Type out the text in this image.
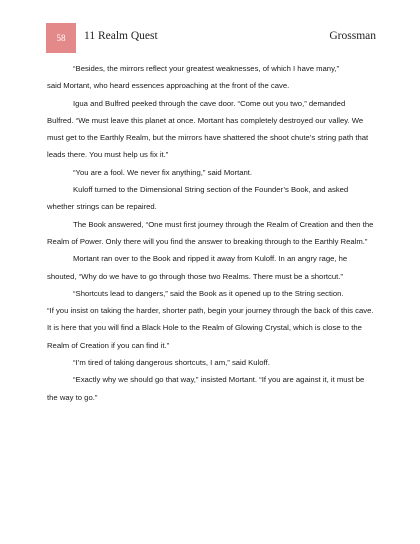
58 11 Realm Quest	Grossman

“Besides, the mirrors reflect your greatest weaknesses, of which I have many,”

said Mortant, who heard essences approaching at the front of the cave.

Igua and Bulfred peeked through the cave door. “Come out you two,” demanded

Bulfred. “We must leave this planet at once. Mortant has completely destroyed our valley. We must get to the Earthly Realm, but the mirrors have shattered the shoot chute’s string path that leads there. You must help us fix it.”

“You are a fool. We never fix anything,” said Mortant.

Kuloff turned to the Dimensional String section of the Founder’s Book, and asked

whether strings can be repaired.

The Book answered, “One must first journey through the Realm of Creation and then the Realm of Power. Only there will you find the answer to breaking through to the Earthly Realm.”

Mortant ran over to the Book and ripped it away from Kuloff. In an angry rage, he shouted, “Why do we have to go through those two Realms. There must be a shortcut.”

“Shortcuts lead to dangers,” said the Book as it opened up to the String section.

“If you insist on taking the harder, shorter path, begin your journey through the back of this cave. It is here that you will find a Black Hole to the Realm of Glowing Crystal, which is close to the Realm of Creation if you can find it.”

“I’m tired of taking dangerous shortcuts, I am,” said Kuloff.

“Exactly why we should go that way,” insisted Mortant. “If you are against it, it must be the way to go.”
